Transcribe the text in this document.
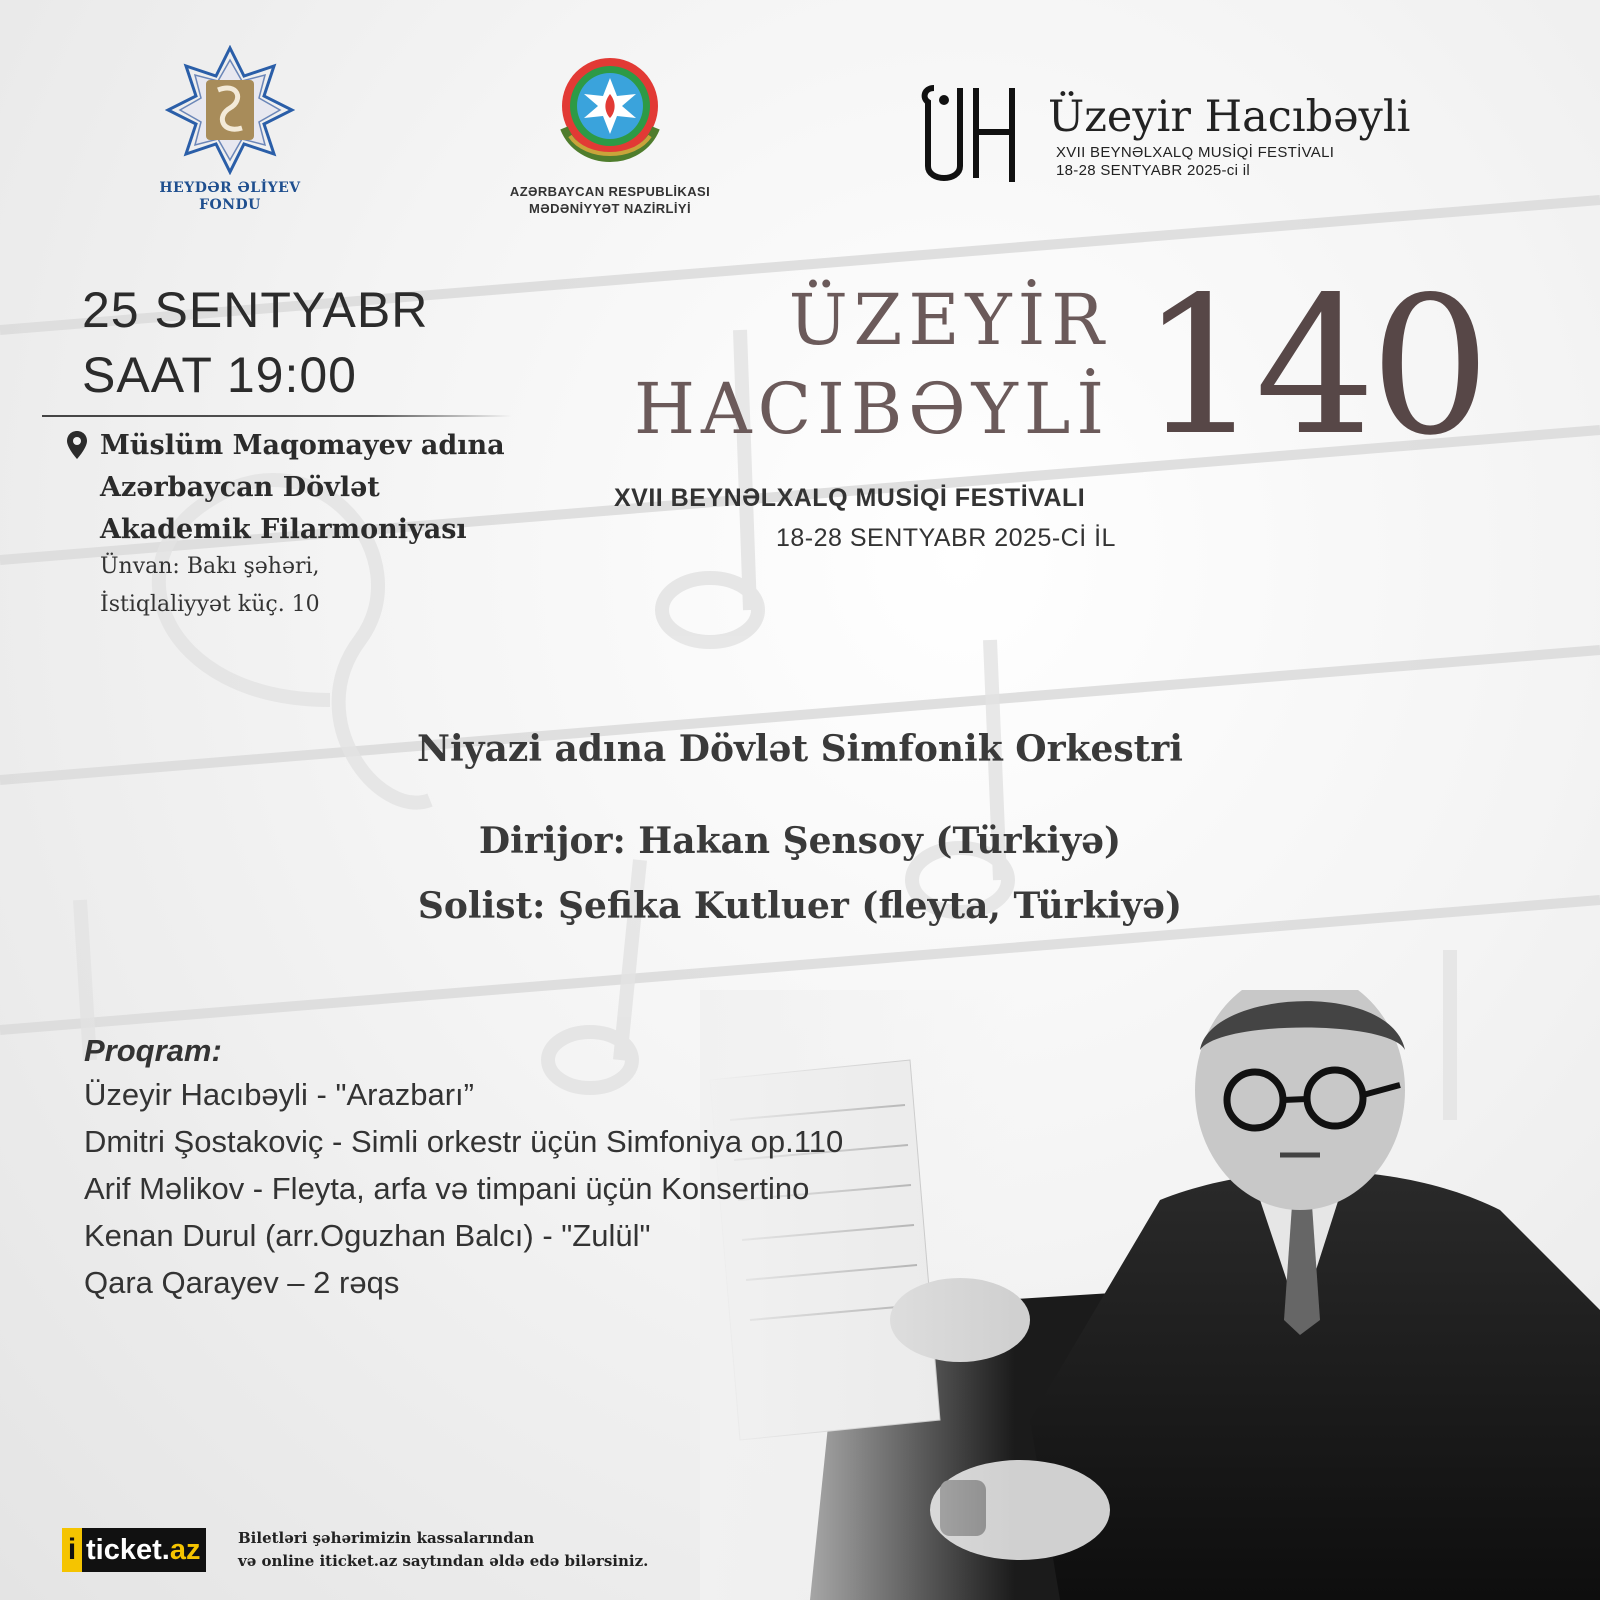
HEYDƏR ƏLİYEV
FONDU
AZƏRBAYCAN RESPUBLİKASI
MƏDƏNİYYƏT NAZİRLİYİ
Üzeyir Hacıbəyli
XVII BEYNƏLXALQ MUSİQİ FESTİVALI
18-28 SENTYABR 2025-ci il
25 SENTYABR
SAAT 19:00
Müslüm Maqomayev adına
Azərbaycan Dövlət
Akademik Filarmoniyası
Ünvan: Bakı şəhəri,
İstiqlaliyyət küç. 10
ÜZEYİR
HACIBƏYLİ 140
XVII BEYNƏLXALQ MUSİQİ FESTİVALI
18-28 SENTYABR 2025-Cİ İL
Niyazi adına Dövlət Simfonik Orkestri
Dirijor: Hakan Şensoy (Türkiyə)
Solist: Şefika Kutluer (fleyta, Türkiyə)
Proqram:
Üzeyir Hacıbəyli - "Arazbarı”
Dmitri Şostakoviç - Simli orkestr üçün Simfoniya op.110
Arif Məlikov - Fleyta, arfa və timpani üçün Konsertino
Kenan Durul (arr.Oguzhan Balcı) - "Zulül"
Qara Qarayev – 2 rəqs
i ticket. az	Biletləri şəhərimizin kassalarından
və online iticket.az saytından əldə edə bilərsiniz.
